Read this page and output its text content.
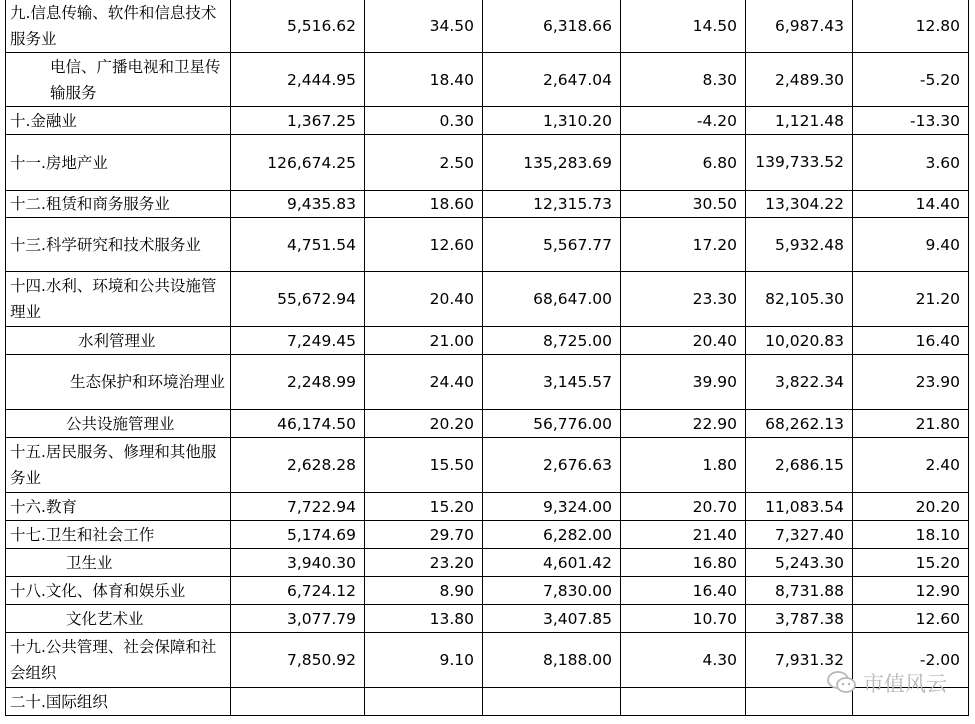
九.信息传输、软件和信息技术服务业	5,516.62	34.50	6,318.66	14.50	6,987.43	12.80

电信、广播电视和卫星传输服务	2,444.95	18.40	2,647.04	8.30	2,489.30	-5.20

十.金融业	1,367.25	0.30	1,310.20	-4.20	1,121.48	-13.30

十一.房地产业	126,674.25	2.50	135,283.69	6.80	139,733.52	3.60

十二.租赁和商务服务业	9,435.83	18.60	12,315.73	30.50	13,304.22	14.40

十三.科学研究和技术服务业	4,751.54	12.60	5,567.77	17.20	5,932.48	9.40

十四.水利、环境和公共设施管理业	55,672.94	20.40	68,647.00	23.30	82,105.30	21.20

水利管理业	7,249.45	21.00	8,725.00	20.40	10,020.83	16.40

生态保护和环境治理业	2,248.99	24.40	3,145.57	39.90	3,822.34	23.90

公共设施管理业	46,174.50	20.20	56,776.00	22.90	68,262.13	21.80

十五.居民服务、修理和其他服务业	2,628.28	15.50	2,676.63	1.80	2,686.15	2.40

十六.教育	7,722.94	15.20	9,324.00	20.70	11,083.54	20.20

十七.卫生和社会工作	5,174.69	29.70	6,282.00	21.40	7,327.40	18.10

卫生业	3,940.30	23.20	4,601.42	16.80	5,243.30	15.20

十八.文化、体育和娱乐业	6,724.12	8.90	7,830.00	16.40	8,731.88	12.90

文化艺术业	3,077.79	13.80	3,407.85	10.70	3,787.38	12.60

十九.公共管理、社会保障和社会组织	7,850.92	9.10	8,188.00	4.30	7,931.32	-2.00

二十.国际组织						

市值风云
